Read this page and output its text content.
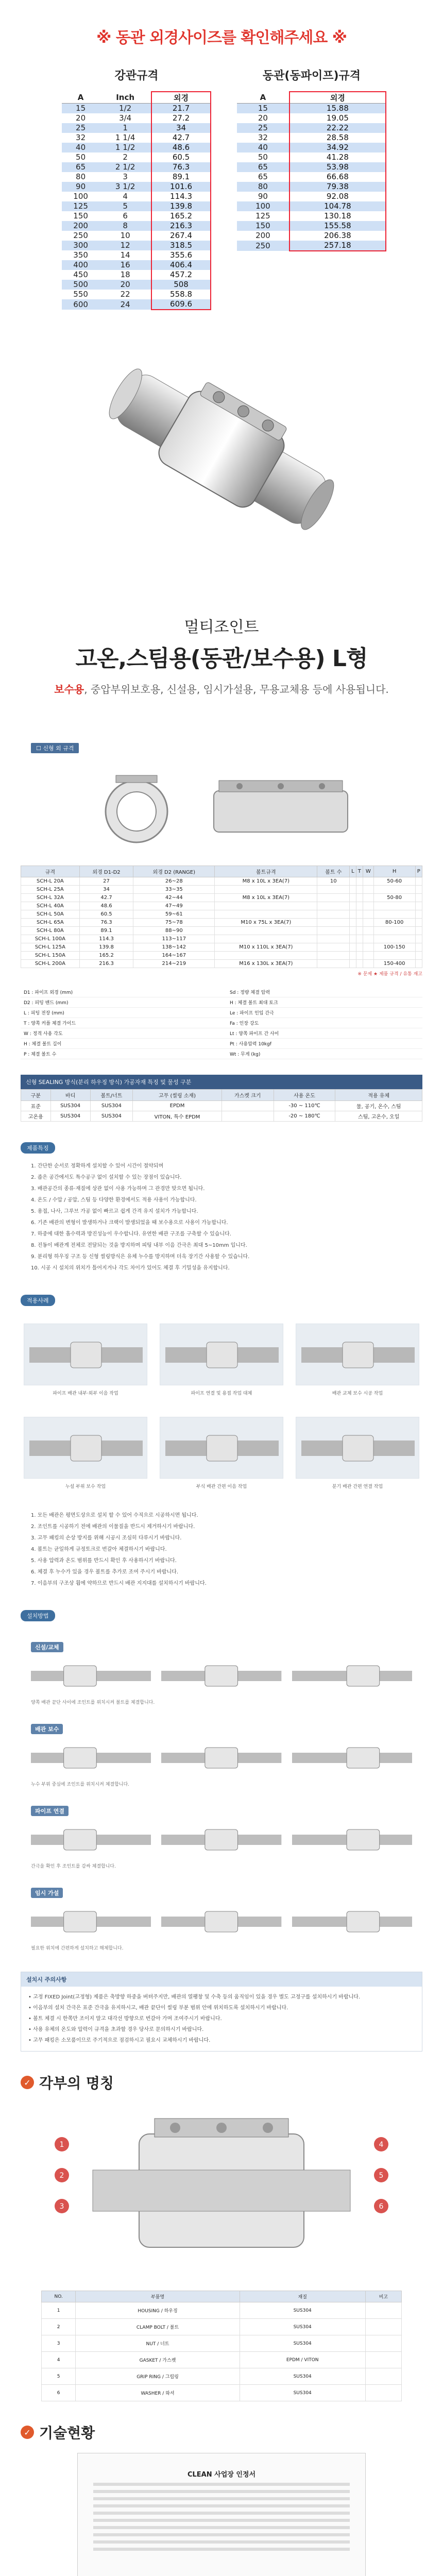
※ 동관 외경사이즈를 확인해주세요 ※
강관규격
A	Inch	외경
15	1/2	21.7
20	3/4	27.2
25	1	34
32	1 1/4	42.7
40	1 1/2	48.6
50	2	60.5
65	2 1/2	76.3
80	3	89.1
90	3 1/2	101.6
100	4	114.3
125	5	139.8
150	6	165.2
200	8	216.3
250	10	267.4
300	12	318.5
350	14	355.6
400	16	406.4
450	18	457.2
500	20	508
550	22	558.8
600	24	609.6
동관(동파이프)규격
A	외경
15	15.88
20	19.05
25	22.22
32	28.58
40	34.92
50	41.28
65	53.98
65	66.68
80	79.38
90	92.08
100	104.78
125	130.18
150	155.58
200	206.38
250	257.18
멀티조인트
고온,스팀용(동관/보수용) L형
보수용, 중압부위보호용, 신설용, 임시가설용, 무용교체용 등에 사용됩니다.
☐ 신형 외 규격
규격	외경 D1-D2	외경 D2 (RANGE)	볼트규격	볼트 수	L	T	W	H	P
SCH-L 20A	27	26~28	M8 x 10L x 3EA(7)	10				50-60	
SCH-L 25A	34	33~35							
SCH-L 32A	42.7	42~44	M8 x 10L x 3EA(7)					50-80	
SCH-L 40A	48.6	47~49							
SCH-L 50A	60.5	59~61							
SCH-L 65A	76.3	75~78	M10 x 75L x 3EA(7)					80-100	
SCH-L 80A	89.1	88~90							
SCH-L 100A	114.3	113~117							
SCH-L 125A	139.8	138~142	M10 x 110L x 3EA(7)					100-150	
SCH-L 150A	165.2	164~167							
SCH-L 200A	216.3	214~219	M16 x 130L x 3EA(7)					150-400	
※ 문제 ★ 제품 규격 / 유통 재고
D1 : 파이프 외경 (mm)	Sd : 정량 체결 압력
D2 : 피팅 밴드 (mm)	H : 체결 볼트 최대 토크
L : 피팅 전장 (mm)	Le : 파이프 인입 간극
T : 양쪽 커플 체결 가이드	Fa : 인장 강도
W : 정격 사용 각도	Lt : 양쪽 파이프 간 사이
H : 체결 볼트 길이	Pt : 사용압력 10kgf
P : 체결 볼트 수	Wt : 무게 (kg)
신형 SEALING 방식(분리 하우징 방식) 가공자재 특징 및 물성 구분
구분	바디	볼트/너트	고무 (씰링 소재)	가스켓 크기	사용 온도	적용 유체
표준	SUS304	SUS304	EPDM		-30 ~ 110℃	물, 공기, 온수, 스팀
고온용	SUS304	SUS304	VITON, 특수 EPDM		-20 ~ 180℃	스팀, 고온수, 오일
제품특징
1. 간단한 순서로 정확하게 설치할 수 있어 시간이 절약되며
2. 좁은 공간에서도 특수공구 없이 설치할 수 있는 장점이 있습니다.
3. 배관공간의 종류·재질에 상관 없이 사용 가능하며 그 관경만 맞으면 됩니다.
4. 온도 / 수압 / 공압, 스팀 등 다양한 환경에서도 적용 사용이 가능합니다.
5. 용접, 나사, 그루브 가공 없이 빠르고 쉽게 간격 유지 설치가 가능합니다.
6. 기존 배관의 변형이 발생하거나 크랙이 발생되었을 때 보수용으로 사용이 가능합니다.
7. 하중에 대한 흡수력과 방진성능이 우수합니다. 유연한 배관 구조를 구축할 수 있습니다.
8. 진동이 배관계 전체로 전달되는 것을 방지하며 피팅 내부 이음 간극은 최대 5~10mm 입니다.
9. 분리형 하우징 구조 등 신형 씰링방식은 유체 누수를 방지하며 더욱 장기간 사용할 수 있습니다.
10. 시공 시 설치의 위치가 틀어지거나 각도 차이가 있어도 체결 후 기밀성을 유지합니다.
적용사례
파이프 배관 내부·외부 이음 작업	파이프 연결 및 용접 작업 대체	배관 교체 보수 시공 작업
누설 부위 보수 작업	부식 배관 간편 이음 작업	분기 배관 간편 연결 작업
1. 모든 배관은 평면도상으로 설치 할 수 있어 수직으로 시공하시면 됩니다.
2. 조인트를 시공하기 전에 배관의 이물질을 반드시 제거하시기 바랍니다.
3. 고무 패킹의 손상 방지를 위해 시공시 조심히 다루시기 바랍니다.
4. 볼트는 균일하게 규정토크로 번갈아 체결하시기 바랍니다.
5. 사용 압력과 온도 범위를 반드시 확인 후 사용하시기 바랍니다.
6. 체결 후 누수가 있을 경우 볼트를 추가로 조여 주시기 바랍니다.
7. 이음부의 구조상 휨에 약하므로 반드시 배관 지지대를 설치하시기 바랍니다.
설치방법
신설/교체
양쪽 배관 끝단 사이에 조인트를 위치시켜 볼트를 체결합니다.
배관 보수
누수 부위 중심에 조인트를 위치시켜 체결합니다.
파이프 연결
간극을 확인 후 조인트를 감싸 체결합니다.
임시 가설
필요한 위치에 간편하게 설치하고 해체합니다.
설치시 주의사항
• 고정 FIXED Joint(고정형) 제품은 축방향 하중을 버텨주지만, 배관의 열팽창 및 수축 등의 움직임이 있을 경우 별도 고정구를 설치하시기 바랍니다.
• 이음부의 설치 간극은 표준 간극을 유지하시고, 배관 끝단이 씰링 부분 범위 안에 위치하도록 설치하시기 바랍니다.
• 볼트 체결 시 한쪽만 조이지 말고 대각선 방향으로 번갈아 가며 조여주시기 바랍니다.
• 사용 유체의 온도와 압력이 규격을 초과할 경우 당사로 문의하시기 바랍니다.
• 고무 패킹은 소모품이므로 주기적으로 점검하시고 필요시 교체하시기 바랍니다.
✓ 각부의 명칭
1
2
3
4
5
6
NO.	부품명	재질	비고
1	HOUSING / 하우징	SUS304	
2	CLAMP BOLT / 볼트	SUS304	
3	NUT / 너트	SUS304	
4	GASKET / 가스켓	EPDM / VITON	
5	GRIP RING / 그립링	SUS304	
6	WASHER / 와셔	SUS304	
✓ 기술현황
CLEAN 사업장 인정서
